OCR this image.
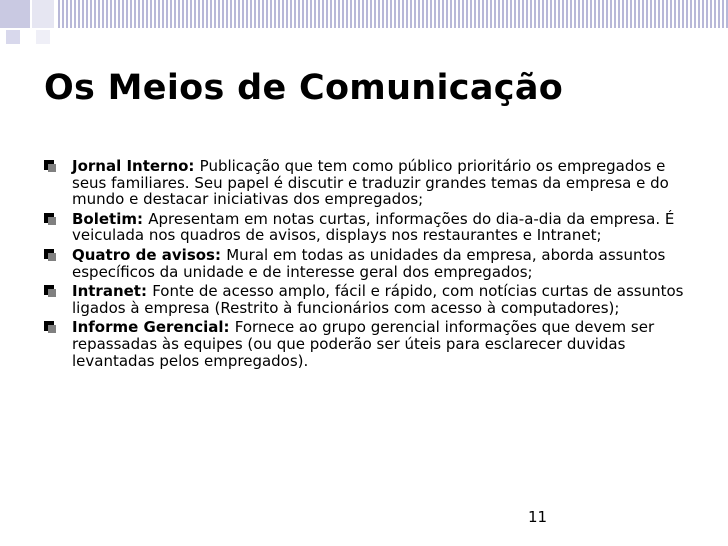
Os Meios de Comunicação
Jornal Interno: Publicação que tem como público prioritário os empregados e seus familiares. Seu papel é discutir e traduzir grandes temas da empresa e do mundo e destacar iniciativas dos empregados;
Boletim: Apresentam em notas curtas, informações do dia-a-dia da empresa. É veiculada nos quadros de avisos, displays nos restaurantes e Intranet;
Quatro de avisos: Mural em todas as unidades da empresa, aborda assuntos específicos da unidade e de interesse geral dos empregados;
Intranet: Fonte de acesso amplo, fácil e rápido, com notícias curtas de assuntos ligados à empresa (Restrito à funcionários com acesso à computadores);
Informe Gerencial: Fornece ao grupo gerencial informações que devem ser repassadas às equipes (ou que poderão ser úteis para esclarecer duvidas levantadas pelos empregados).
11
